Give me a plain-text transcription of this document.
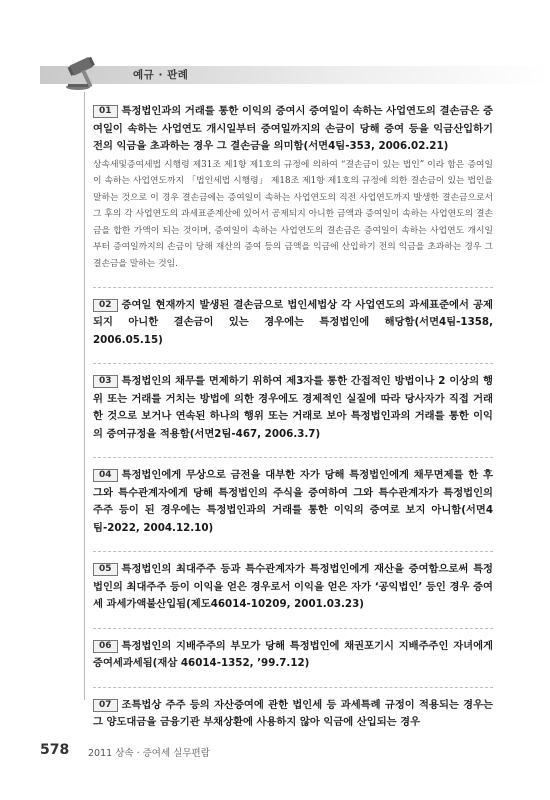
예규 · 판례
01 특정법인과의 거래를 통한 이익의 증여시 증여일이 속하는 사업연도의 결손금은 증여일이 속하는 사업연도 개시일부터 증여일까지의 손금이 당해 증여 등을 익금산입하기 전의 익금을 초과하는 경우 그 결손금을 의미함(서면4팀-353, 2006.02.21)
상속세및증여세법 시행령 제31조 제1항 제1호의 규정에 의하여 “결손금이 있는 법인” 이라 함은 증여일이 속하는 사업연도까지 「법인세법 시행령」 제18조 제1항 제1호의 규정에 의한 결손금이 있는 법인을 말하는 것으로 이 경우 결손금에는 증여일이 속하는 사업연도의 직전 사업연도까지 발생한 결손금으로서 그 후의 각 사업연도의 과세표준계산에 있어서 공제되지 아니한 금액과 증여일이 속하는 사업연도의 결손금을 합한 가액이 되는 것이며, 증여일이 속하는 사업연도의 결손금은 증여일이 속하는 사업연도 개시일부터 증여일까지의 손금이 당해 재산의 증여 등의 금액을 익금에 산입하기 전의 익금을 초과하는 경우 그 결손금을 말하는 것임.
02 증여일 현재까지 발생된 결손금으로 법인세법상 각 사업연도의 과세표준에서 공제되지 아니한 결손금이 있는 경우에는 특정법인에 해당함(서면4팀-1358, 2006.05.15)
03 특정법인의 채무를 면제하기 위하여 제3자를 통한 간접적인 방법이나 2 이상의 행위 또는 거래를 거치는 방법에 의한 경우에도 경제적인 실질에 따라 당사자가 직접 거래한 것으로 보거나 연속된 하나의 행위 또는 거래로 보아 특정법인과의 거래를 통한 이익의 증여규정을 적용함(서면2팀-467, 2006.3.7)
04 특정법인에게 무상으로 금전을 대부한 자가 당해 특정법인에게 채무면제를 한 후 그와 특수관계자에게 당해 특정법인의 주식을 증여하여 그와 특수관계자가 특정법인의 주주 등이 된 경우에는 특정법인과의 거래를 통한 이익의 증여로 보지 아니함(서면4팀-2022, 2004.12.10)
05 특정법인의 최대주주 등과 특수관계자가 특정법인에게 재산을 증여함으로써 특정법인의 최대주주 등이 이익을 얻은 경우로서 이익을 얻은 자가 ‘공익법인’ 등인 경우 증여세 과세가액불산입됨(제도46014-10209, 2001.03.23)
06 특정법인의 지배주주의 부모가 당해 특정법인에 채권포기시 지배주주인 자녀에게 증여세과세됨(재삼 46014-1352, ’99.7.12)
07 조특법상 주주 등의 자산증여에 관한 법인세 등 과세특례 규정이 적용되는 경우는 그 양도대금을 금융기관 부채상환에 사용하지 않아 익금에 산입되는 경우
578 2011 상속 · 증여세 실무편람
